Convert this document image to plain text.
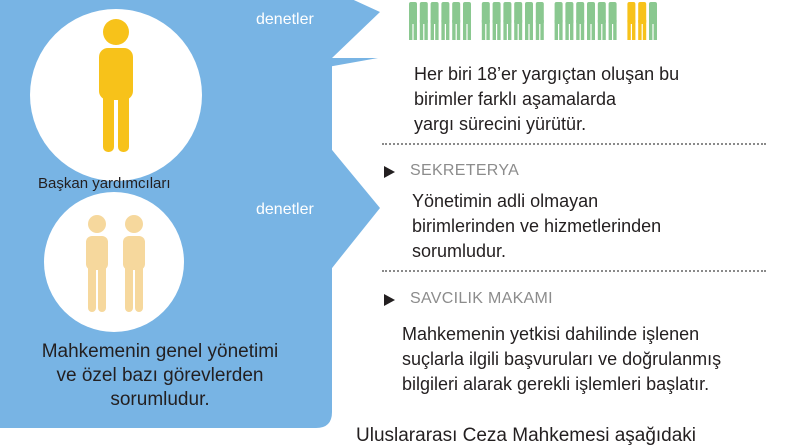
denetler
denetler
Başkan yardımcıları
Mahkemenin genel yönetimi
ve özel bazı görevlerden
sorumludur.
Her biri 18’er yargıçtan oluşan bu
birimler farklı aşamalarda
yargı sürecini yürütür.
SEKRETERYA
Yönetimin adli olmayan
birimlerinden ve hizmetlerinden
sorumludur.
SAVCILIK MAKAMI
Mahkemenin yetkisi dahilinde işlenen
suçlarla ilgili başvuruları ve doğrulanmış
bilgileri alarak gerekli işlemleri başlatır.
Uluslararası Ceza Mahkemesi aşağıdaki
